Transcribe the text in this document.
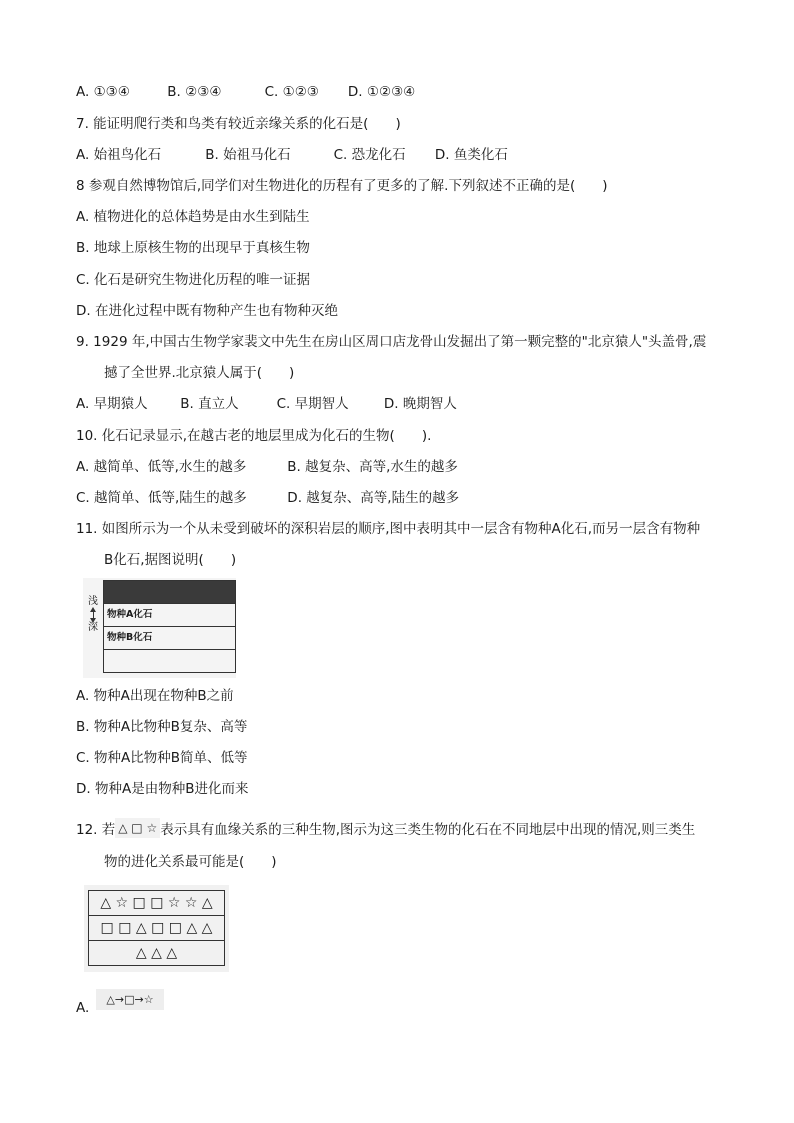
A. ①③④	B. ②③④	C. ①②③ D. ①②③④
7. 能证明爬行类和鸟类有较近亲缘关系的化石是(　　)
A. 始祖鸟化石	B. 始祖马化石	C. 恐龙化石 D. 鱼类化石
8 参观自然博物馆后,同学们对生物进化的历程有了更多的了解.下列叙述不正确的是(　　)
A. 植物进化的总体趋势是由水生到陆生
B. 地球上原核生物的出现早于真核生物
C. 化石是研究生物进化历程的唯一证据
D. 在进化过程中既有物种产生也有物种灭绝
9. 1929 年,中国古生物学家裴文中先生在房山区周口店龙骨山发掘出了第一颗完整的"北京猿人"头盖骨,震
撼了全世界.北京猿人属于(　　)
A. 早期猿人 B. 直立人	C. 早期智人	D. 晚期智人
10. 化石记录显示,在越古老的地层里成为化石的生物(　　).
A. 越简单、低等,水生的越多	B. 越复杂、高等,水生的越多
C. 越简单、低等,陆生的越多	D. 越复杂、高等,陆生的越多
11. 如图所示为一个从未受到破坏的深积岩层的顺序,图中表明其中一层含有物种A化石,而另一层含有物种
B化石,据图说明(　　)
浅
深
物种A化石
物种B化石
A. 物种A出现在物种B之前
B. 物种A比物种B复杂、高等
C. 物种A比物种B简单、低等
D. 物种A是由物种B进化而来
12. 若 △ □ ☆ 表示具有血缘关系的三种生物,图示为这三类生物的化石在不同地层中出现的情况,则三类生
物的进化关系最可能是(　　)
△ ☆ □ □ ☆ ☆ △
□ □ △ □ □ △ △
△ △ △
A.
△→□→☆
